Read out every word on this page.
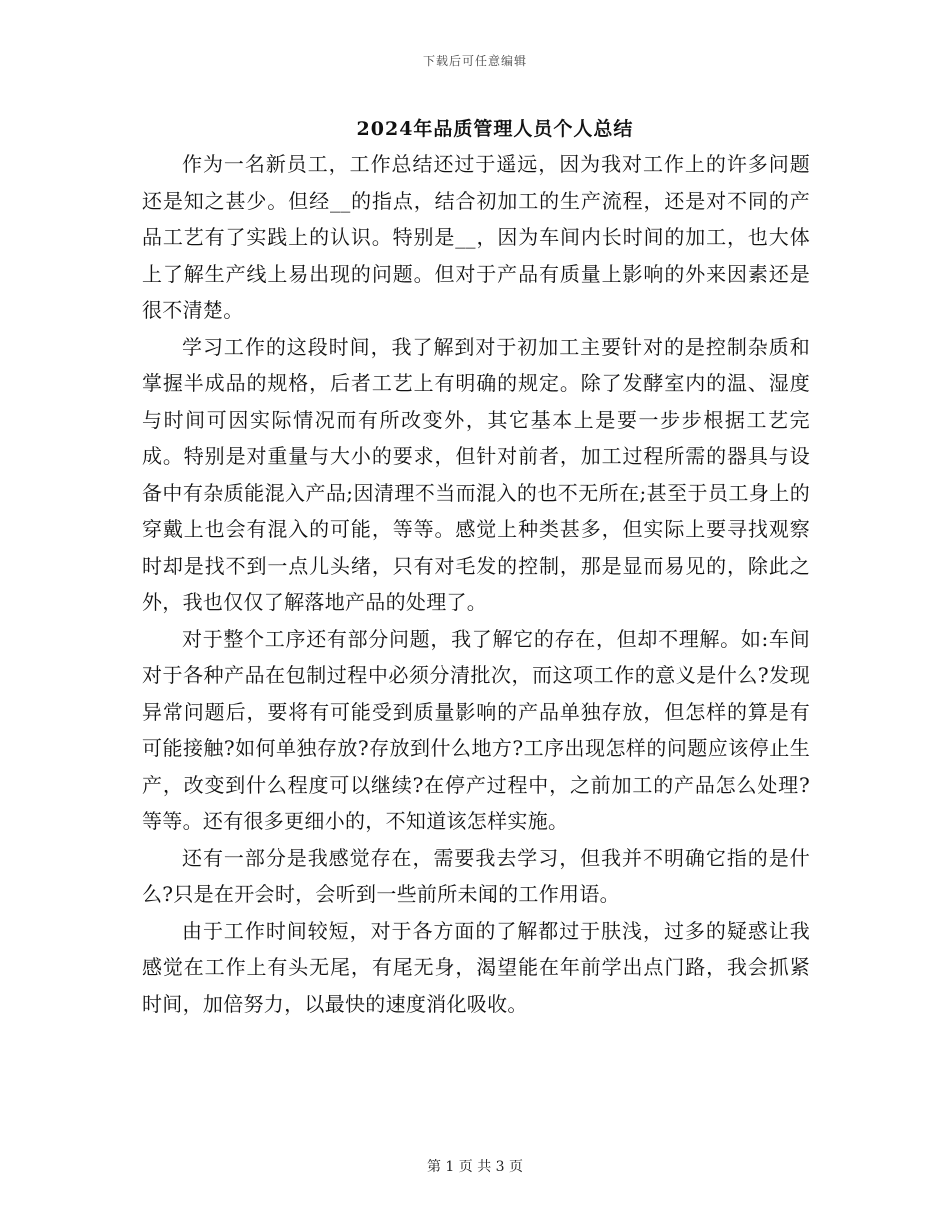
下载后可任意编辑
2024年品质管理人员个人总结

作为一名新员工，工作总结还过于遥远，因为我对工作上的许多问题还是知之甚少。但经__的指点，结合初加工的生产流程，还是对不同的产品工艺有了实践上的认识。特别是__，因为车间内长时间的加工，也大体上了解生产线上易出现的问题。但对于产品有质量上影响的外来因素还是很不清楚。

学习工作的这段时间，我了解到对于初加工主要针对的是控制杂质和掌握半成品的规格，后者工艺上有明确的规定。除了发酵室内的温、湿度与时间可因实际情况而有所改变外，其它基本上是要一步步根据工艺完成。特别是对重量与大小的要求，但针对前者，加工过程所需的器具与设备中有杂质能混入产品;因清理不当而混入的也不无所在;甚至于员工身上的穿戴上也会有混入的可能，等等。感觉上种类甚多，但实际上要寻找观察时却是找不到一点儿头绪，只有对毛发的控制，那是显而易见的，除此之外，我也仅仅了解落地产品的处理了。

对于整个工序还有部分问题，我了解它的存在，但却不理解。如:车间对于各种产品在包制过程中必须分清批次，而这项工作的意义是什么?发现异常问题后，要将有可能受到质量影响的产品单独存放，但怎样的算是有可能接触?如何单独存放?存放到什么地方?工序出现怎样的问题应该停止生产，改变到什么程度可以继续?在停产过程中，之前加工的产品怎么处理?等等。还有很多更细小的，不知道该怎样实施。

还有一部分是我感觉存在，需要我去学习，但我并不明确它指的是什么?只是在开会时，会听到一些前所未闻的工作用语。

由于工作时间较短，对于各方面的了解都过于肤浅，过多的疑惑让我感觉在工作上有头无尾，有尾无身，渴望能在年前学出点门路，我会抓紧时间，加倍努力，以最快的速度消化吸收。

第 1 页 共 3 页
